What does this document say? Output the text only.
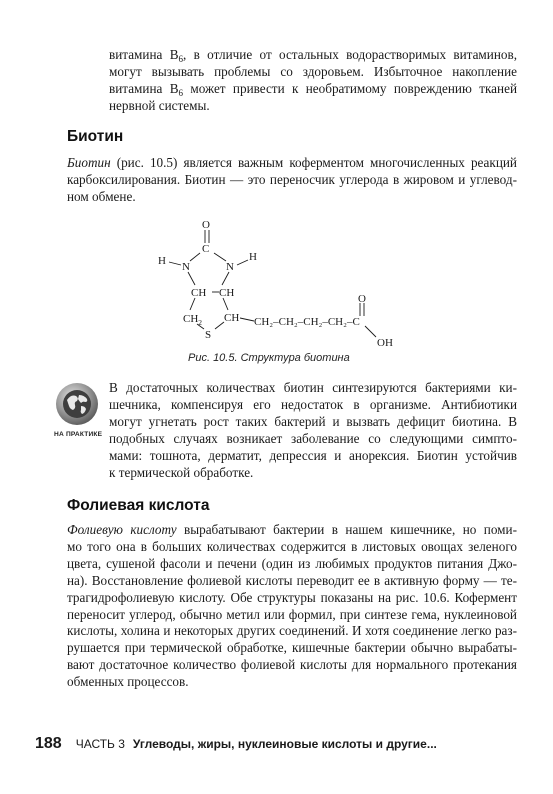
витамина $B_6$, в отличие от остальных водорастворимых витаминов,
могут вызывать проблемы со здоровьем. Избыточное накопление
витамина $B_6$ может привести к необратимому повреждению тканей
нервной системы.
Биотин
Биотин (рис. 10.5) является важным коферментом многочисленных реакций
карбоксилирования. Биотин — это переносчик углерода в жировом и углевод-
ном обмене.
O
C
H N	N
H
CH CH
$CH_2$ CH
S
CH₂–CH₂–CH₂–CH₂–C
O
OH
Рис. 10.5. Структура биотина
НА ПРАКТИКЕ
В достаточных количествах биотин синтезируются бактериями ки-
шечника, компенсируя его недостаток в организме. Антибиотики
могут угнетать рост таких бактерий и вызвать дефицит биотина. В
подобных случаях возникает заболевание со следующими симпто-
мами: тошнота, дерматит, депрессия и анорексия. Биотин устойчив
к термической обработке.
Фолиевая кислота
Фолиевую кислоту вырабатывают бактерии в нашем кишечнике, но поми-
мо того она в больших количествах содержится в листовых овощах зеленого
цвета, сушеной фасоли и печени (один из любимых продуктов питания Джо-
на). Восстановление фолиевой кислоты переводит ее в активную форму — те-
трагидрофолиевую кислоту. Обе структуры показаны на рис. 10.6. Кофермент
переносит углерод, обычно метил или формил, при синтезе гема, нуклеиновой
кислоты, холина и некоторых других соединений. И хотя соединение легко раз-
рушается при термической обработке, кишечные бактерии обычно вырабаты-
вают достаточное количество фолиевой кислоты для нормального протекания
обменных процессов.
188 ЧАСТЬ 3 Углеводы, жиры, нуклеиновые кислоты и другие...
